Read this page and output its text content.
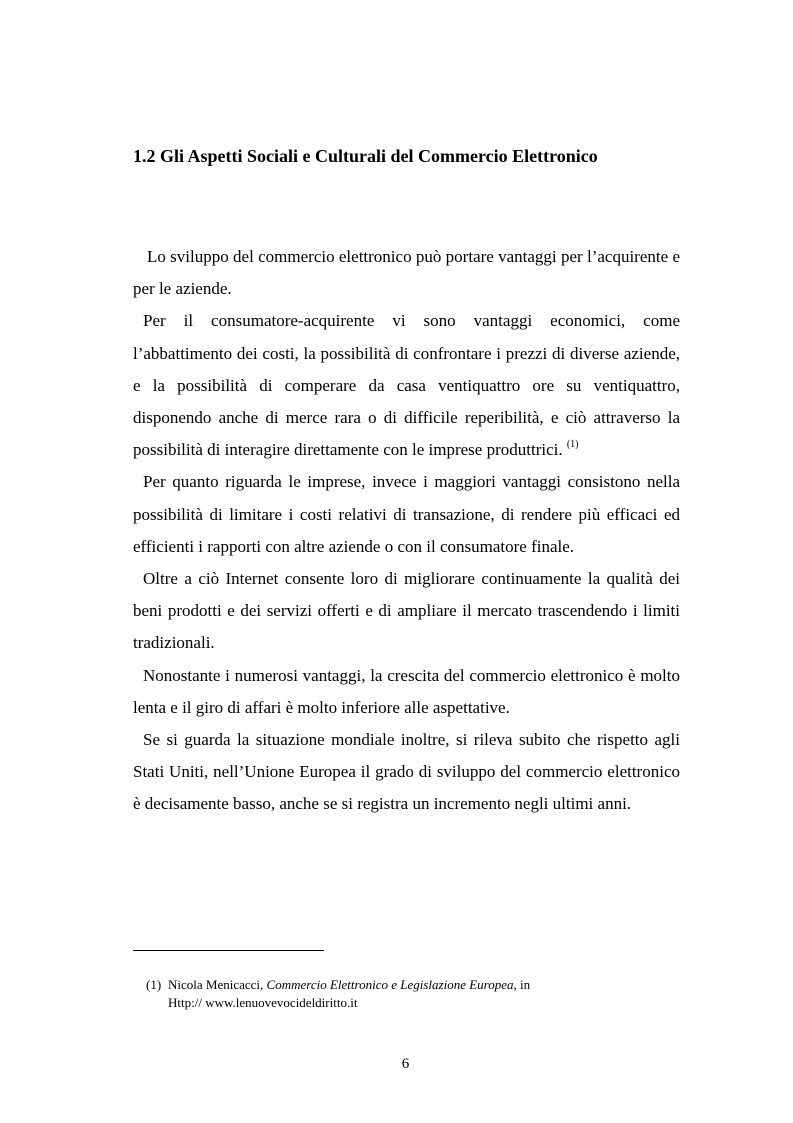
1.2 Gli Aspetti Sociali e Culturali del Commercio Elettronico

Lo sviluppo del commercio elettronico può portare vantaggi per l’acquirente e per le aziende.

Per il consumatore-acquirente vi sono vantaggi economici, come l’abbattimento dei costi, la possibilità di confrontare i prezzi di diverse aziende, e la possibilità di comperare da casa ventiquattro ore su ventiquattro, disponendo anche di merce rara o di difficile reperibilità, e ciò attraverso la possibilità di interagire direttamente con le imprese produttrici. $^{(1)}$

Per quanto riguarda le imprese, invece i maggiori vantaggi consistono nella possibilità di limitare i costi relativi di transazione, di rendere più efficaci ed efficienti i rapporti con altre aziende o con il consumatore finale.

Oltre a ciò Internet consente loro di migliorare continuamente la qualità dei beni prodotti e dei servizi offerti e di ampliare il mercato trascendendo i limiti tradizionali.

Nonostante i numerosi vantaggi, la crescita del commercio elettronico è molto lenta e il giro di affari è molto inferiore alle aspettative.

Se si guarda la situazione mondiale inoltre, si rileva subito che rispetto agli Stati Uniti, nell’Unione Europea il grado di sviluppo del commercio elettronico è decisamente basso, anche se si registra un incremento negli ultimi anni.

(1) Nicola Menicacci, Commercio Elettronico e Legislazione Europea, in
Http:// www.lenuovevocideldiritto.it
6
